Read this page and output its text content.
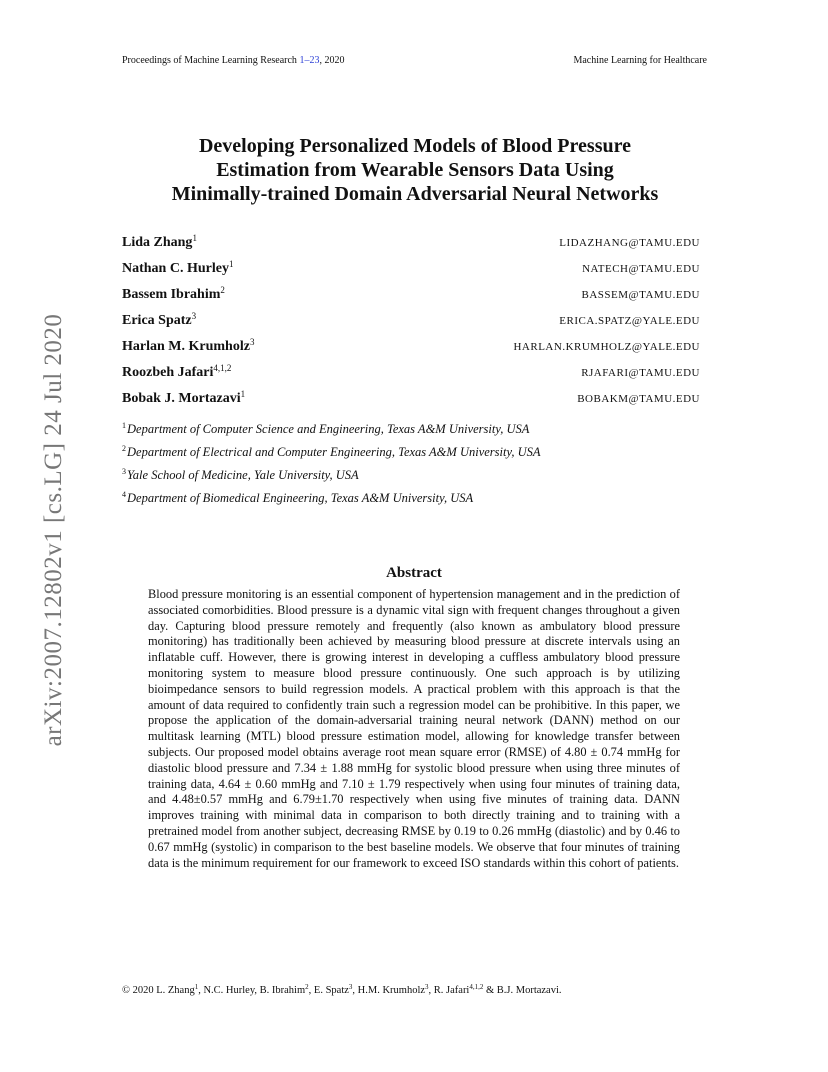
Proceedings of Machine Learning Research 1–23, 2020	Machine Learning for Healthcare
arXiv:2007.12802v1 [cs.LG] 24 Jul 2020
Developing Personalized Models of Blood Pressure
Estimation from Wearable Sensors Data Using
Minimally-trained Domain Adversarial Neural Networks
Lida Zhang$^1$	LIDAZHANG@TAMU.EDU
Nathan C. Hurley$^1$	NATECH@TAMU.EDU
Bassem Ibrahim$^2$	BASSEM@TAMU.EDU
Erica Spatz$^3$	ERICA.SPATZ@YALE.EDU
Harlan M. Krumholz$^3$	HARLAN.KRUMHOLZ@YALE.EDU
Roozbeh Jafari$^{4,1,2}$	RJAFARI@TAMU.EDU
Bobak J. Mortazavi$^1$	BOBAKM@TAMU.EDU
$^1$Department of Computer Science and Engineering, Texas A&M University, USA
$^2$Department of Electrical and Computer Engineering, Texas A&M University, USA
$^3$Yale School of Medicine, Yale University, USA
$^4$Department of Biomedical Engineering, Texas A&M University, USA
Abstract
Blood pressure monitoring is an essential component of hypertension management and in the prediction of associated comorbidities. Blood pressure is a dynamic vital sign with frequent changes throughout a given day. Capturing blood pressure remotely and frequently (also known as ambulatory blood pressure monitoring) has traditionally been achieved by measuring blood pressure at discrete intervals using an inflatable cuff. However, there is growing interest in developing a cuffless ambulatory blood pressure monitoring system to measure blood pressure continuously. One such approach is by utilizing bioimpedance sensors to build regression models. A practical problem with this approach is that the amount of data required to confidently train such a regression model can be prohibitive. In this paper, we propose the application of the domain-adversarial training neural network (DANN) method on our multitask learning (MTL) blood pressure estimation model, allowing for knowledge transfer between subjects. Our proposed model obtains average root mean square error (RMSE) of 4.80 ± 0.74 mmHg for diastolic blood pressure and 7.34 ± 1.88 mmHg for systolic blood pressure when using three minutes of training data, 4.64 ± 0.60 mmHg and 7.10 ± 1.79 respectively when using four minutes of training data, and 4.48±0.57 mmHg and 6.79±1.70 respectively when using five minutes of training data. DANN improves training with minimal data in comparison to both directly training and to training with a pretrained model from another subject, decreasing RMSE by 0.19 to 0.26 mmHg (diastolic) and by 0.46 to 0.67 mmHg (systolic) in comparison to the best baseline models. We observe that four minutes of training data is the minimum requirement for our framework to exceed ISO standards within this cohort of patients.
© 2020 L. Zhang$^1$, N.C. Hurley, B. Ibrahim$^2$, E. Spatz$^3$, H.M. Krumholz$^3$, R. Jafari$^{4,1,2}$ & B.J. Mortazavi.
